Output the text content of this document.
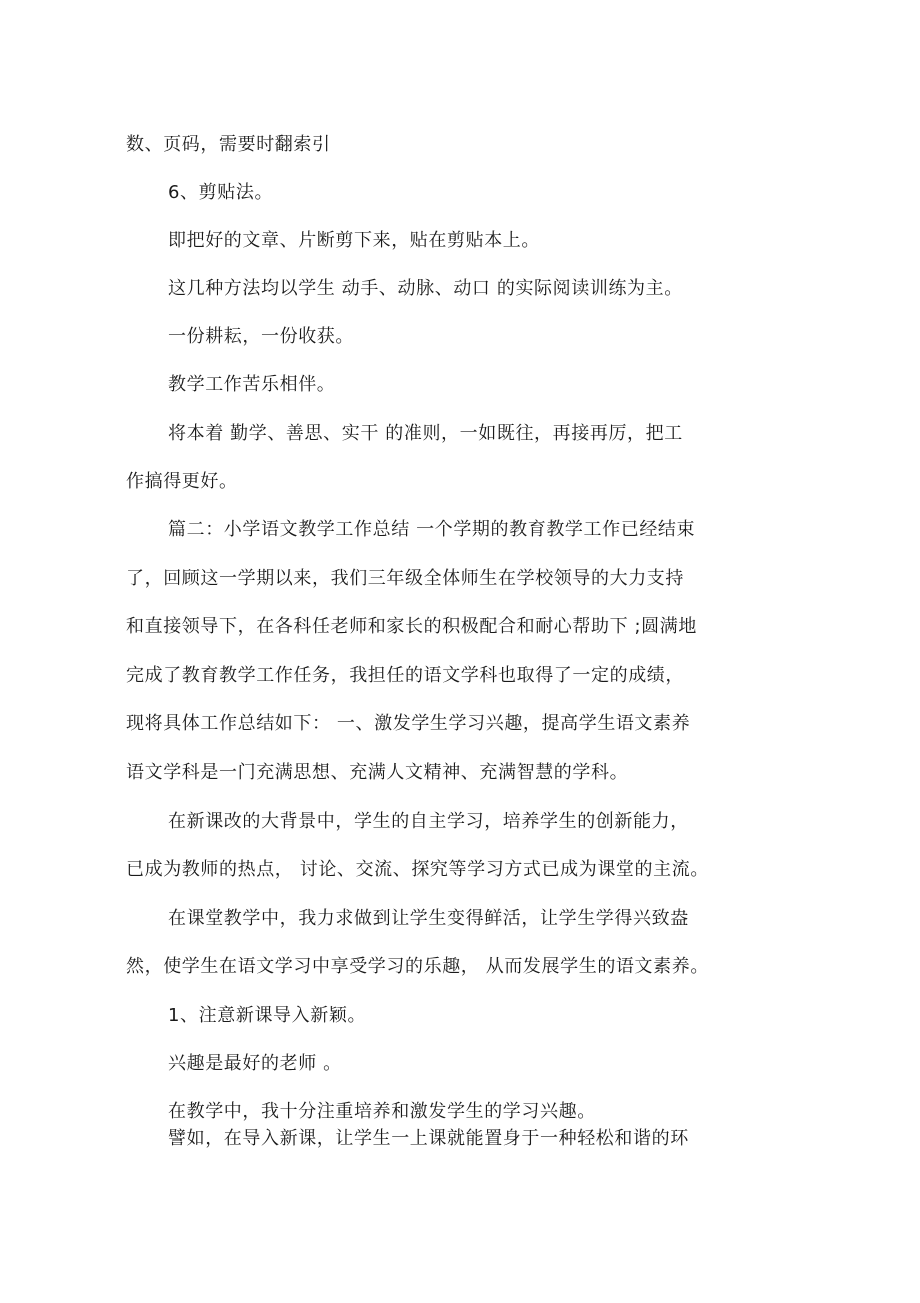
数、页码，需要时翻索引

6、剪贴法。

即把好的文章、片断剪下来，贴在剪贴本上。

这几种方法均以学生 动手、动脉、动口 的实际阅读训练为主。

一份耕耘，一份收获。

教学工作苦乐相伴。

将本着 勤学、善思、实干 的准则，一如既往，再接再厉，把工

作搞得更好。

篇二：小学语文教学工作总结 一个学期的教育教学工作已经结束

了，回顾这一学期以来，我们三年级全体师生在学校领导的大力支持

和直接领导下，在各科任老师和家长的积极配合和耐心帮助下 ;圆满地

完成了教育教学工作任务，我担任的语文学科也取得了一定的成绩，

现将具体工作总结如下： 一、激发学生学习兴趣，提高学生语文素养

语文学科是一门充满思想、充满人文精神、充满智慧的学科。

在新课改的大背景中，学生的自主学习，培养学生的创新能力，

已成为教师的热点， 讨论、交流、探究等学习方式已成为课堂的主流。

在课堂教学中，我力求做到让学生变得鲜活，让学生学得兴致盎

然，使学生在语文学习中享受学习的乐趣， 从而发展学生的语文素养。

1、注意新课导入新颖。

兴趣是最好的老师 。

在教学中，我十分注重培养和激发学生的学习兴趣。

譬如，在导入新课，让学生一上课就能置身于一种轻松和谐的环
